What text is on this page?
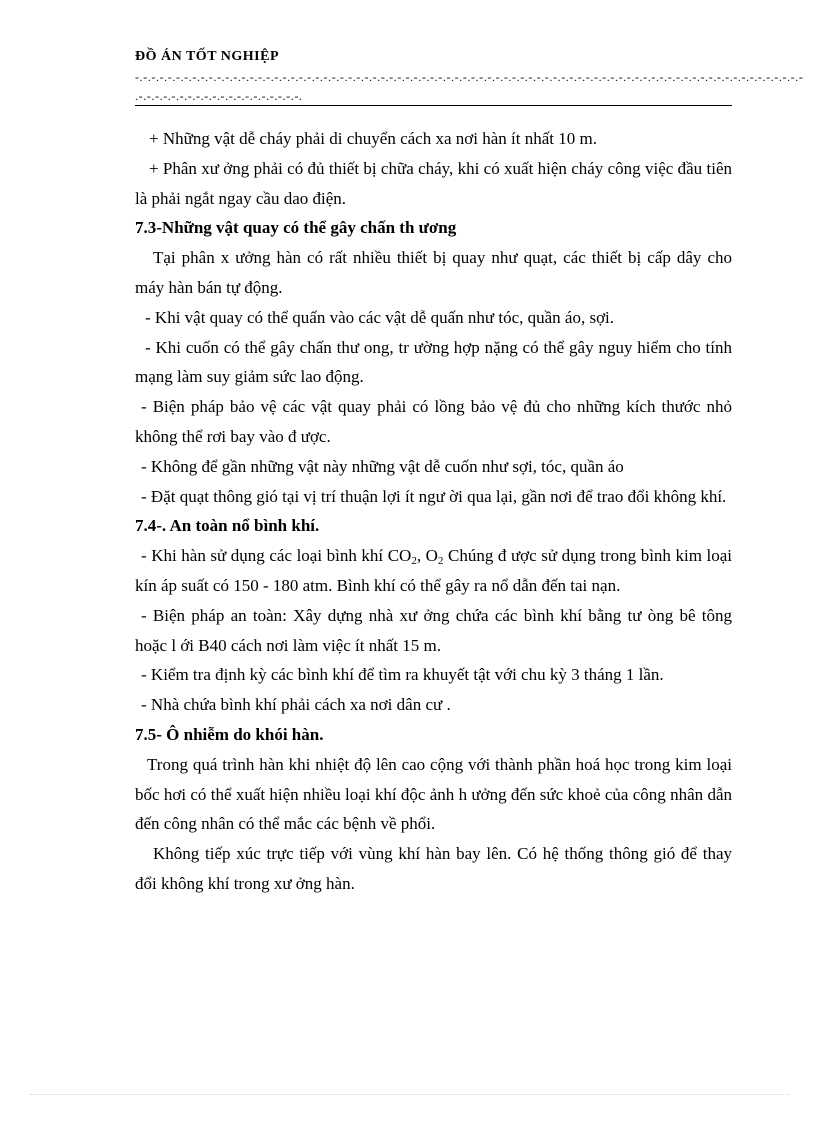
ĐỒ ÁN TỐT NGHIỆP
-.-.-.-.-.-.-.-.-.-.-.-.-.-.-.-.-.-.-.-.-.-.-.-.-.-.-.-.-.-.-.-.-.-.-.-.-.-.-.-.-.-.-.-.-.-.-.-.-.-.-.-.-.-.-.-.-.-.-.-.-.-.-.-.-.-.-.-.-.-.-.-.-.-.-.-.-.-.-.-.-.-
.-.-.-.-.-.-.-.-.-.-.-.-.-.-.-.-.-.-.-.-.

+ Những vật dễ cháy phải di chuyển cách xa nơi hàn ít nhất 10 m.

+ Phân xư ởng phải có đủ thiết bị chữa cháy, khi có xuất hiện cháy công việc đầu tiên là phải ngắt ngay cầu dao điện.

7.3-Những vật quay có thể gây chấn th ương

Tại phân x ưởng hàn có rất nhiều thiết bị quay như quạt, các thiết bị cấp dây cho máy hàn bán tự động.

- Khi vật quay có thể quấn vào các vật dễ quấn như tóc, quần áo, sợi.

- Khi cuốn có thể gây chấn thư ong, tr ường hợp nặng có thể gây nguy hiểm cho tính mạng làm suy giảm sức lao động.

- Biện pháp bảo vệ các vật quay phải có lồng bảo vệ đủ cho những kích thước nhỏ không thể rơi bay vào đ ược.

- Không để gần những vật này những vật dễ cuốn như sợi, tóc, quần áo

- Đặt quạt thông gió tại vị trí thuận lợi ít ngư ời qua lại, gần nơi để trao đổi không khí.

7.4-. An toàn nổ bình khí.

- Khi hàn sử dụng các loại bình khí $CO_2$, $O_2$ Chúng đ ược sử dụng trong bình kim loại kín áp suất có 150 - 180 atm. Bình khí có thể gây ra nổ dẫn đến tai nạn.

- Biện pháp an toàn: Xây dựng nhà xư ởng chứa các bình khí bằng tư òng bê tông hoặc l ới B40 cách nơi làm việc ít nhất 15 m.

- Kiểm tra định kỳ các bình khí để tìm ra khuyết tật với chu kỳ 3 tháng 1 lần.

- Nhà chứa bình khí phải cách xa nơi dân cư .

7.5- Ô nhiễm do khói hàn.

Trong quá trình hàn khi nhiệt độ lên cao cộng với thành phần hoá học trong kim loại bốc hơi có thể xuất hiện nhiều loại khí độc ảnh h ưởng đến sức khoẻ của công nhân dẫn đến công nhân có thể mắc các bệnh về phổi.

Không tiếp xúc trực tiếp với vùng khí hàn bay lên. Có hệ thống thông gió để thay đổi không khí trong xư ởng hàn.
